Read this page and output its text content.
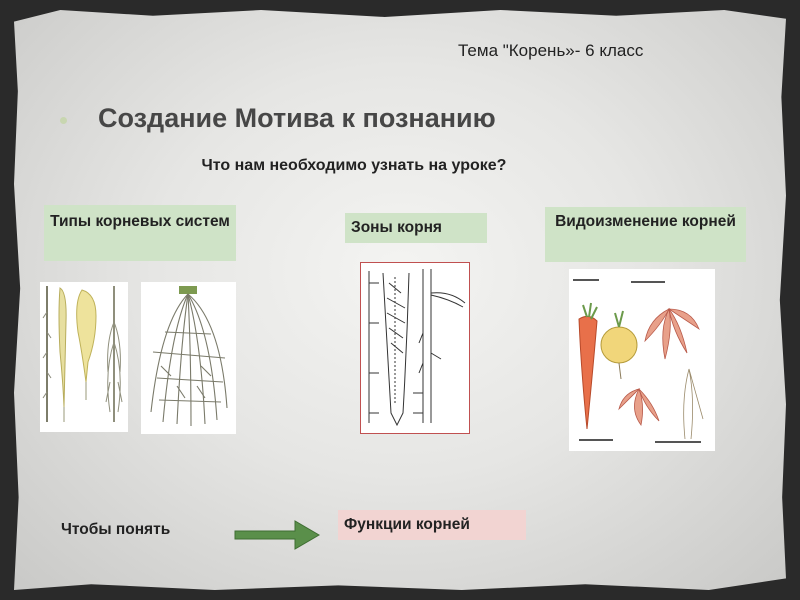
Тема "Корень»- 6 класс
Создание Мотива к познанию
Что нам необходимо узнать на уроке?
Типы корневых систем	Зоны корня	Видоизменение корней
Чтобы понять	Функции корней
